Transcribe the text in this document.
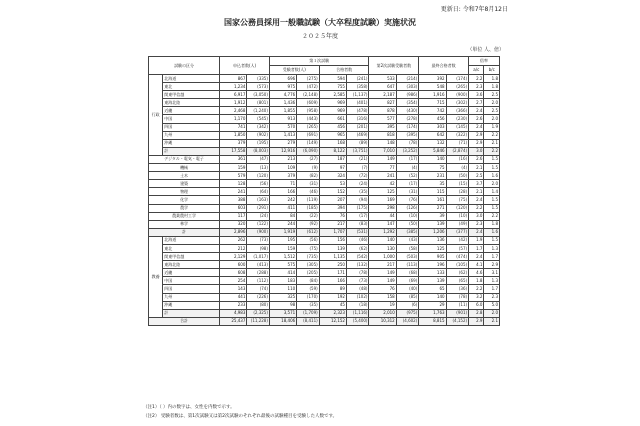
更新日: 令和7年8月12日
国家公務員採用一般職試験（大卒程度試験）実施状況
２０２５年度
（単位 人、倍）
試験の区分		申込者数(人)		第１次試験				第2次試験受験者数		最終合格者数		倍率	
				受験者数(人)		合格者数						a/c	b/c
行政	北海道	867	(335)	696	(275)	594	(241)	533	(214)	392	(174)	2.2	1.8
	東北	1,234	(573)	975	(472)	755	(358)	647	(303)	548	(265)	2.3	1.8
	関東甲信越	6,917	(3,050)	4,776	(2,148)	2,585	(1,137)	2,187	(986)	1,916	(900)	3.6	2.5
	東海北陸	1,912	(801)	1,436	(609)	969	(401)	827	(354)	715	(302)	2.7	2.0
	近畿	2,468	(1,240)	1,855	(958)	969	(478)	878	(430)	742	(366)	2.4	2.5
	中国	1,170	(545)	913	(443)	661	(316)	577	(278)	456	(230)	2.6	2.0
	四国	741	(342)	570	(265)	456	(201)	395	(174)	303	(145)	2.4	1.9
	九州	1,850	(902)	1,413	(691)	965	(469)	818	(395)	642	(322)	2.9	2.2
	沖縄	379	(195)	279	(149)	168	(89)	148	(78)	132	(71)	2.9	2.1
	計	17,558	(8,003)	12,916	(6,090)	8,122	(3,751)	7,010	(3,252)	5,846	(2,874)	3.0	2.2
デジタル・電気・電子		361	(47)	213	(27)	187	(21)	149	(17)	140	(16)	2.6	1.5
機械		159	(13)	109	(9)	97	(7)	77	(4)	75	(4)	2.1	1.5
土木		579	(120)	379	(82)	324	(72)	241	(52)	231	(50)	2.5	1.6
建築		128	(56)	71	(31)	53	(24)	42	(17)	35	(15)	3.7	2.0
物理		241	(64)	166	(46)	152	(35)	125	(31)	115	(28)	2.1	1.4
化学		388	(163)	242	(119)	207	(94)	169	(76)	161	(75)	2.4	1.5
農学		603	(291)	411	(185)	394	(175)	298	(126)	271	(120)	2.2	1.5
農業農村工学		117	(24)	84	(22)	76	(17)	44	(10)	39	(10)	3.0	2.2
林学		320	(122)	244	(92)	217	(83)	147	(50)	139	(49)	2.3	1.8
計		2,896	(900)	1,919	(612)	1,707	(531)	1,292	(385)	1,206	(377)	2.4	1.6
教養	北海道	262	(73)	195	(56)	156	(46)	140	(43)	136	(42)	1.9	1.5
	東北	212	(98)	159	(75)	139	(62)	130	(58)	125	(57)	1.7	1.3
	関東甲信越	2,129	(1,017)	1,512	(735)	1,135	(542)	1,000	(503)	905	(474)	2.4	1.7
	東海北陸	600	(413)	575	(305)	250	(132)	217	(113)	196	(105)	4.1	2.9
	近畿	608	(288)	414	(205)	171	(78)	149	(68)	133	(62)	4.6	3.1
	中国	254	(112)	183	(84)	166	(73)	149	(69)	139	(65)	1.8	1.3
	四国	143	(74)	110	(59)	89	(48)	76	(40)	65	(36)	2.2	1.7
	九州	441	(226)	325	(170)	192	(102)	158	(85)	140	(78)	3.2	2.3
	沖縄	233	(80)	98	(35)	45	(18)	19	(6)	29	(11)	6.0	5.0
	計	4,983	(2,325)	3,571	(1,709)	2,323	(1,116)	2,010	(975)	1,763	(901)	2.8	2.0
合計		25,437	(11,228)	18,406	(8,411)	12,152	(5,400)	10,312	(4,602)	8,815	(4,152)	2.9	2.1
（注1）（ ）内の数字は、女性を内数で示す。
（注2） 受験者数は、第1次試験又は第2次試験のそれぞれ最後の試験種目を受験した人数です。
